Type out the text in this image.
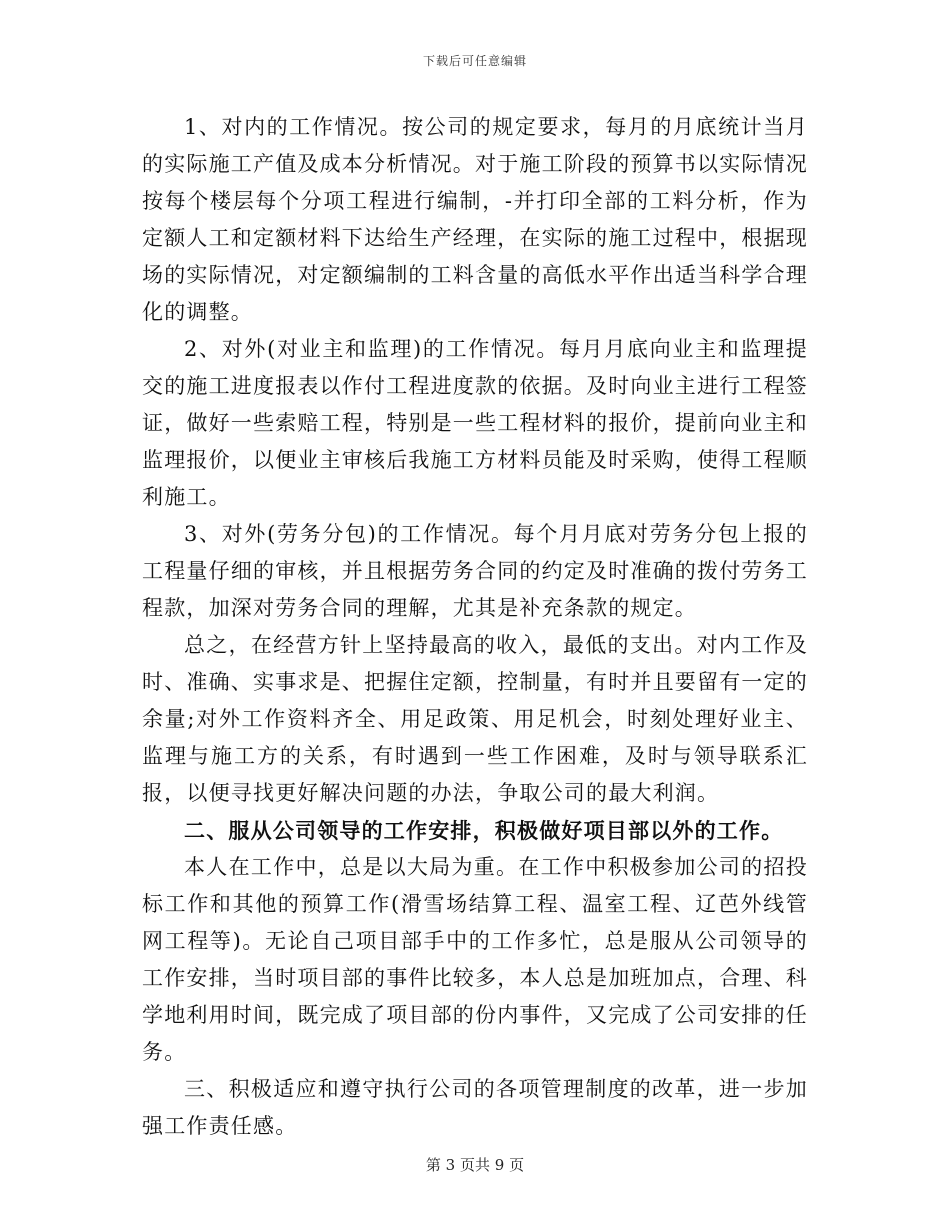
下载后可任意编辑

1、对内的工作情况。按公司的规定要求，每月的月底统计当月的实际施工产值及成本分析情况。对于施工阶段的预算书以实际情况按每个楼层每个分项工程进行编制，-并打印全部的工料分析，作为定额人工和定额材料下达给生产经理，在实际的施工过程中，根据现场的实际情况，对定额编制的工料含量的高低水平作出适当科学合理化的调整。

2、对外(对业主和监理)的工作情况。每月月底向业主和监理提交的施工进度报表以作付工程进度款的依据。及时向业主进行工程签证，做好一些索赔工程，特别是一些工程材料的报价，提前向业主和监理报价，以便业主审核后我施工方材料员能及时采购，使得工程顺利施工。

3、对外(劳务分包)的工作情况。每个月月底对劳务分包上报的工程量仔细的审核，并且根据劳务合同的约定及时准确的拨付劳务工程款，加深对劳务合同的理解，尤其是补充条款的规定。

总之，在经营方针上坚持最高的收入，最低的支出。对内工作及时、准确、实事求是、把握住定额，控制量，有时并且要留有一定的余量;对外工作资料齐全、用足政策、用足机会，时刻处理好业主、监理与施工方的关系，有时遇到一些工作困难，及时与领导联系汇报，以便寻找更好解决问题的办法，争取公司的最大利润。

二、服从公司领导的工作安排，积极做好项目部以外的工作。

本人在工作中，总是以大局为重。在工作中积极参加公司的招投标工作和其他的预算工作(滑雪场结算工程、温室工程、辽芭外线管网工程等)。无论自己项目部手中的工作多忙，总是服从公司领导的工作安排，当时项目部的事件比较多，本人总是加班加点，合理、科学地利用时间，既完成了项目部的份内事件，又完成了公司安排的任务。

三、积极适应和遵守执行公司的各项管理制度的改革，进一步加强工作责任感。

第 3 页共 9 页
